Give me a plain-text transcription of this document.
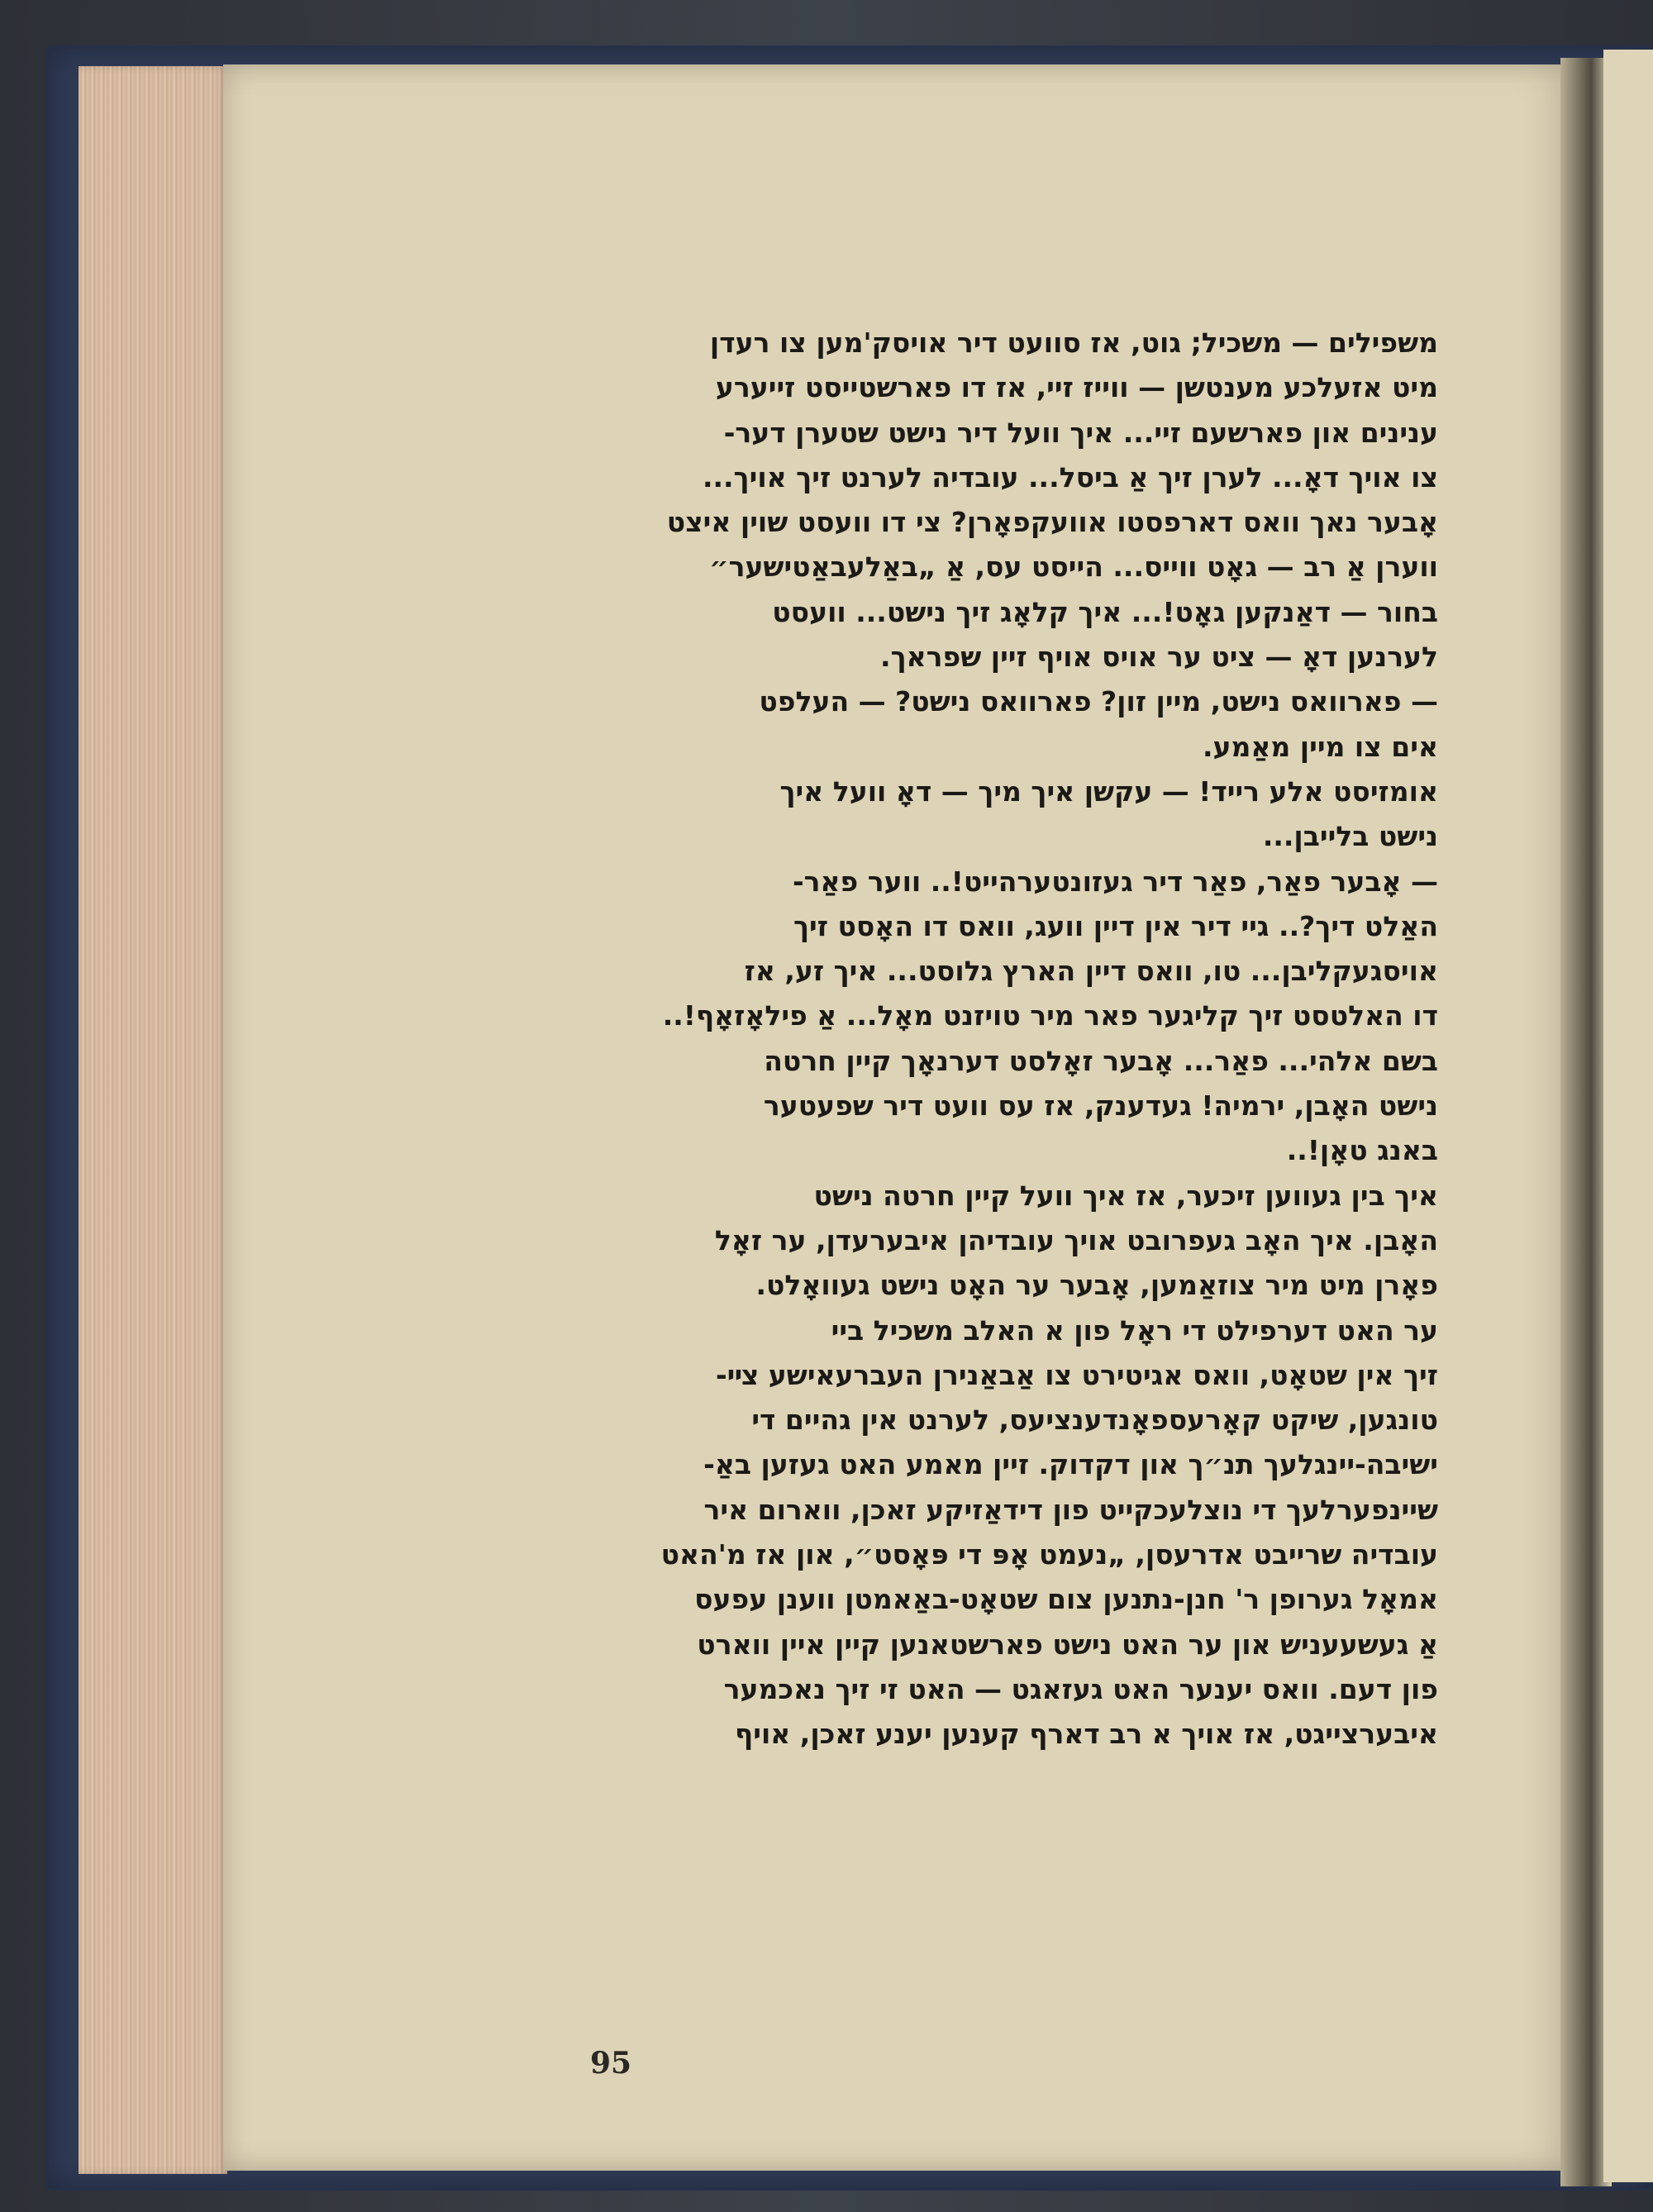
משפילים — משכיל; גוט, אז סוועט דיר אויסק'מען צו רעדן
מיט אזעלכע מענטשן — ווייז זיי, אז דו פארשטייסט זייערע
ענינים און פארשעם זיי... איך וועל דיר נישט שטערן דער-
צו אויך דאָ... לערן זיך אַ ביסל... עובדיה לערנט זיך אויך...
אָבער נאך וואס דארפסטו אוועקפאָרן? צי דו וועסט שוין איצט
ווערן אַ רב — גאָט ווייס... הייסט עס, אַ „באַלעבאַטישער״
בחור — דאַנקען גאָט!... איך קלאָג זיך נישט... וועסט
לערנען דאָ — ציט ער אויס אויף זיין שפראך.
— פארוואס נישט, מיין זון? פארוואס נישט? — העלפט
אים צו מיין מאַמע.
אומזיסט אלע רייד! — עקשן איך מיך — דאָ וועל איך
נישט בלייבן...
— אָבער פאַר, פאַר דיר געזונטערהייט!.. ווער פאַר-
האַלט דיך?.. גיי דיר אין דיין וועג, וואס דו האָסט זיך
אויסגעקליבן... טו, וואס דיין הארץ גלוסט... איך זע, אז
דו האלטסט זיך קליגער פאר מיר טויזנט מאָל... אַ פילאָזאָף!..
בשם אלהי... פאַר... אָבער זאָלסט דערנאָך קיין חרטה
נישט האָבן, ירמיה! געדענק, אז עס וועט דיר שפעטער
באנג טאָן!..
איך בין געווען זיכער, אז איך וועל קיין חרטה נישט
האָבן. איך האָב געפרובט אויך עובדיהן איבערעדן, ער זאָל
פאָרן מיט מיר צוזאַמען, אָבער ער האָט נישט געוואָלט.
ער האט דערפילט די ראָל פון א האלב משכיל ביי
זיך אין שטאָט, וואס אגיטירט צו אַבאַנירן העברעאישע צײ-
טונגען, שיקט קאָרעספאָנדענציעס, לערנט אין גהיים די
ישיבה-יינגלעך תנ״ך און דקדוק. זיין מאמע האט געזען באַ-
שיינפערלעך די נוצלעכקייט פון דידאַזיקע זאכן, ווארום איר
עובדיה שרייבט אדרעסן, „נעמט אָפּ די פּאָסט״, און אז מ'האט
אמאָל גערופן ר' חנן-נתנען צום שטאָט-באַאמטן ווענן עפעס
אַ געשעעניש און ער האט נישט פארשטאנען קיין איין ווארט
פון דעם. וואס יענער האט געזאגט — האט זי זיך נאכמער
איבערצייגט, אז אויך א רב דארף קענען יענע זאכן, אויף
95
